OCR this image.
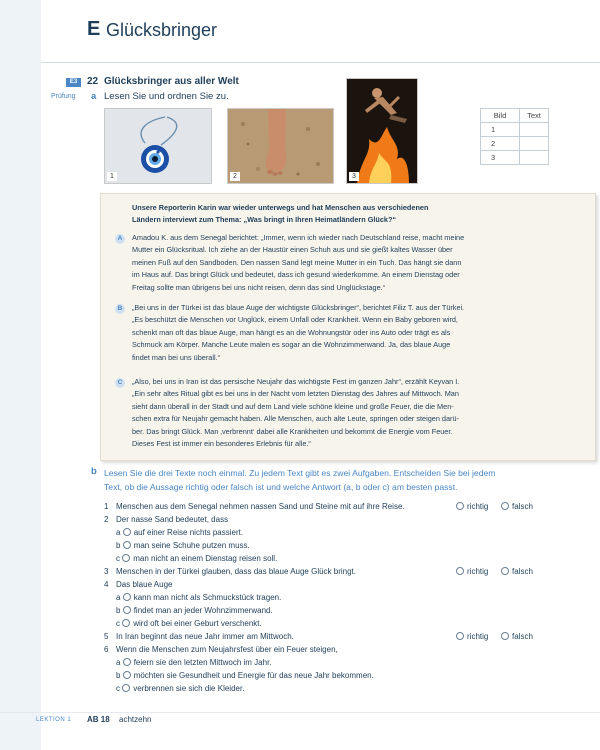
E Glücksbringer
E3 22 Glücksbringer aus aller Welt
Prüfung a Lesen Sie und ordnen Sie zu.
1	2	3
Bild	Text
1	
2	
3	
Unsere Reporterin Karin war wieder unterwegs und hat Menschen aus verschiedenen
Ländern interviewt zum Thema: „Was bringt in Ihren Heimatländern Glück?“
A	Amadou K. aus dem Senegal berichtet: „Immer, wenn ich wieder nach Deutschland reise, macht meine
Mutter ein Glücksritual. Ich ziehe an der Haustür einen Schuh aus und sie gießt kaltes Wasser über
meinen Fuß auf den Sandboden. Den nassen Sand legt meine Mutter in ein Tuch. Das hängt sie dann
im Haus auf. Das bringt Glück und bedeutet, dass ich gesund wiederkomme. An einem Dienstag oder
Freitag sollte man übrigens bei uns nicht reisen, denn das sind Unglückstage.“
B	„Bei uns in der Türkei ist das blaue Auge der wichtigste Glücksbringer“, berichtet Filiz T. aus der Türkei.
„Es beschützt die Menschen vor Unglück, einem Unfall oder Krankheit. Wenn ein Baby geboren wird,
schenkt man oft das blaue Auge, man hängt es an die Wohnungstür oder ins Auto oder trägt es als
Schmuck am Körper. Manche Leute malen es sogar an die Wohnzimmerwand. Ja, das blaue Auge
findet man bei uns überall.“
C	„Also, bei uns in Iran ist das persische Neujahr das wichtigste Fest im ganzen Jahr“, erzählt Keyvan I.
„Ein sehr altes Ritual gibt es bei uns in der Nacht vom letzten Dienstag des Jahres auf Mittwoch. Man
sieht dann überall in der Stadt und auf dem Land viele schöne kleine und große Feuer, die die Men-
schen extra für Neujahr gemacht haben. Alle Menschen, auch alte Leute, springen oder steigen darü-
ber. Das bringt Glück. Man ‚verbrennt‘ dabei alle Krankheiten und bekommt die Energie vom Feuer.
Dieses Fest ist immer ein besonderes Erlebnis für alle.“
b Lesen Sie die drei Texte noch einmal. Zu jedem Text gibt es zwei Aufgaben. Entscheiden Sie bei jedem
Text, ob die Aussage richtig oder falsch ist und welche Antwort (a, b oder c) am besten passt.
1 Menschen aus dem Senegal nehmen nassen Sand und Steine mit auf ihre Reise.	richtig	falsch
2 Der nasse Sand bedeutet, dass
a auf einer Reise nichts passiert.
b man seine Schuhe putzen muss.
c man nicht an einem Dienstag reisen soll.
3 Menschen in der Türkei glauben, dass das blaue Auge Glück bringt.	richtig	falsch
4 Das blaue Auge
a kann man nicht als Schmuckstück tragen.
b findet man an jeder Wohnzimmerwand.
c wird oft bei einer Geburt verschenkt.
5 In Iran beginnt das neue Jahr immer am Mittwoch.	richtig	falsch
6 Wenn die Menschen zum Neujahrsfest über ein Feuer steigen,
a feiern sie den letzten Mittwoch im Jahr.
b möchten sie Gesundheit und Energie für das neue Jahr bekommen.
c verbrennen sie sich die Kleider.
LEKTION 1 AB 18 achtzehn
